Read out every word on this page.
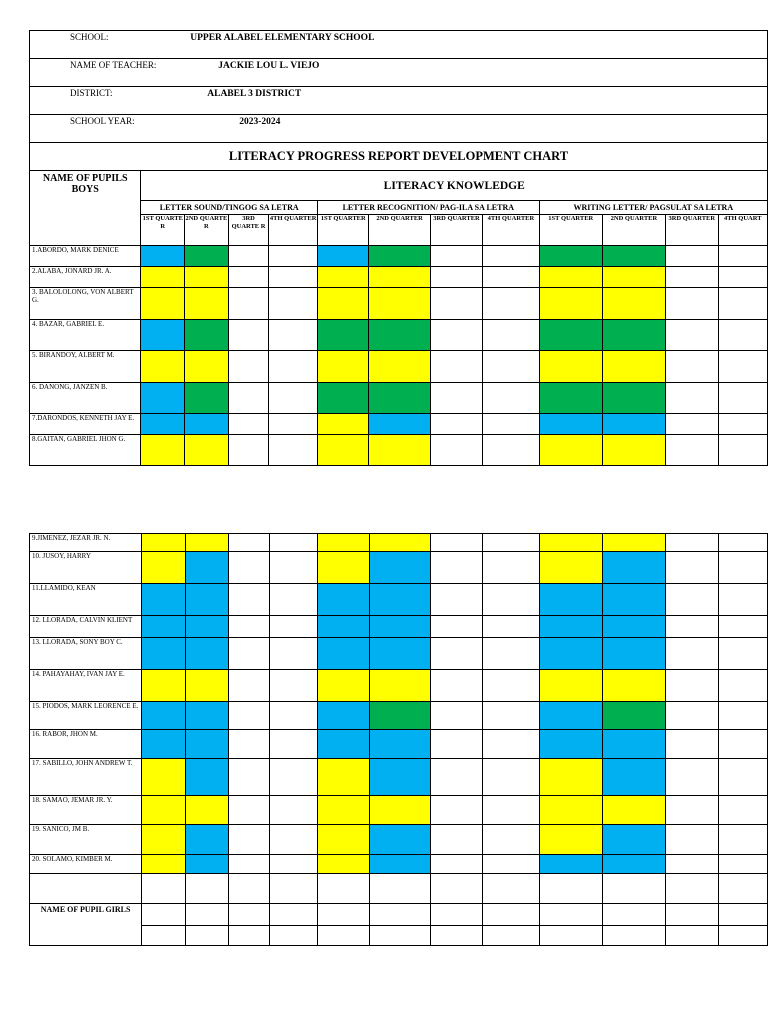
SCHOOL: UPPER ALABEL ELEMENTARY SCHOOL												
NAME OF TEACHER: JACKIE LOU L. VIEJO												
DISTRICT: ALABEL 3 DISTRICT												
SCHOOL YEAR: 2023-2024												
LITERACY PROGRESS REPORT DEVELOPMENT CHART												
NAME OF PUPILS BOYS	LITERACY KNOWLEDGE											
	LETTER SOUND/TINGOG SA LETRA				LETTER RECOGNITION/ PAG-ILA SA LETRA				WRITING LETTER/ PAGSULAT SA LETRA			
	1ST QUARTE R	2ND QUARTE R	3RD QUARTE R	4TH QUARTER	1ST QUARTER	2ND QUARTER	3RD QUARTER	4TH QUARTER	1ST QUARTER	2ND QUARTER	3RD QUARTER	4TH QUART
1.ABORDO, MARK DENICE												
2.ALABA, JONARD JR. A.												
3. BALOLOLONG, VON ALBERT G.												
4. BAZAR, GABRIEL E.												
5. BIRANDOY, ALBERT M.												
6. DANONG, JANZEN B.												
7.DARONDOS, KENNETH JAY E.												
8.GAITAN, GABRIEL JHON G.												
9.JIMENEZ, JEZAR JR. N.												
10. JUSOY, HARRY												
11.LLAMIDO, KEAN												
12. LLORADA, CALVIN KLIENT												
13. LLORADA, SONY BOY C.												
14. PAHAYAHAY, IVAN JAY E.												
15. PIODOS, MARK LEORENCE E.												
16. RABOR, JHON M.												
17. SABILLO, JOHN ANDREW T.												
18. SAMAO, JEMAR JR. Y.												
19. SANICO, JM B.												
20. SOLAMO, KIMBER M.												

NAME OF PUPIL GIRLS												
